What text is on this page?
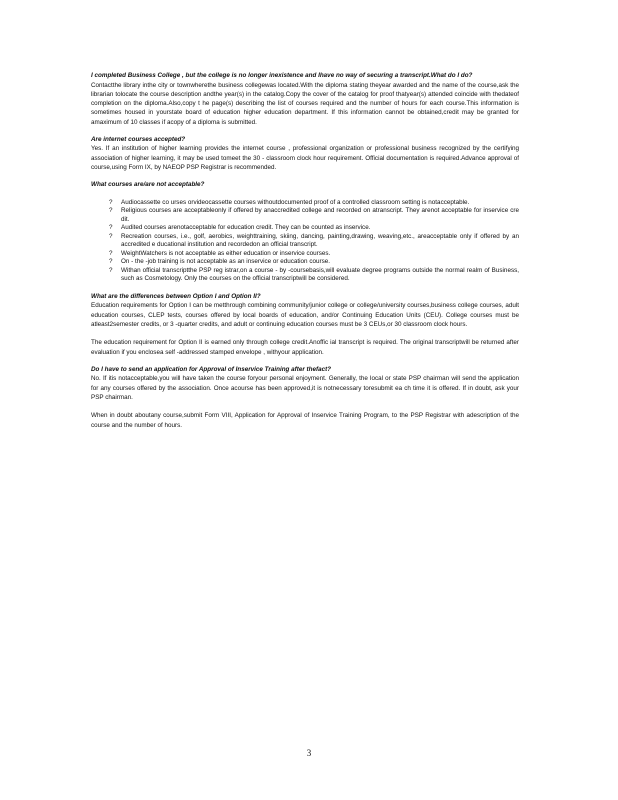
I completed Business College , but the college is no longer inexistence and Ihave no way of securing a transcript.What do I do?

Contactthe library inthe city or townwherethe business collegewas located.With the diploma stating theyear awarded and the name of the course,ask the librarian tolocate the course description andthe year(s) in the catalog.Copy the cover of the catalog for proof thatyear(s) attended coincide with thedateof completion on the diploma.Also,copy t he page(s) describing the list of courses required and the number of hours for each course.This information is sometimes housed in yourstate board of education higher education department. If this information cannot be obtained,credit may be granted for amaximum of 10 classes if acopy of a diploma is submitted.

Are internet courses accepted?

Yes. If an institution of higher learning provides the internet course , professional organization or professional business recognized by the certifying association of higher learning, it may be used tomeet the 30 - classroom clock hour requirement. Official documentation is required.Advance approval of course,using Form IX, by NAEOP PSP Registrar is recommended.

What courses are/are not acceptable?

? Audiocassette co urses orvideocassette courses withoutdocumented proof of a controlled classroom setting is notacceptable.
? Religious courses are acceptableonly if offered by anaccredited college and recorded on atranscript. They arenot acceptable for inservice cre dit.
? Audited courses arenotacceptable for education credit. They can be counted as inservice.
? Recreation courses, i.e., golf, aerobics, weighttraining, skiing, dancing, painting,drawing, weaving,etc., areacceptable only if offered by an accredited e ducational institution and recordedon an official transcript.
? WeightWatchers is not acceptable as either education or inservice courses.
? On - the -job training is not acceptable as an inservice or education course.
? Withan official transcriptthe PSP reg istrar,on a course - by -coursebasis,will evaluate degree programs outside the normal realm of Business, such as Cosmetology. Only the courses on the official transcriptwill be considered.

What are the differences between Option I and Option II?

Education requirements for Option I can be metthrough combining community/junior college or college/university courses,business college courses, adult education courses, CLEP tests, courses offered by local boards of education, and/or Continuing Education Units (CEU). College courses must be atleast2semester credits, or 3 -quarter credits, and adult or continuing education courses must be 3 CEUs,or 30 classroom clock hours.

The education requirement for Option II is earned only through college credit.Anoffic ial transcript is required. The original transcriptwill be returned after evaluation if you enclosea self -addressed stamped envelope , withyour application.

Do I have to send an application for Approval of Inservice Training after thefact?

No. If itis notacceptable,you will have taken the course foryour personal enjoyment. Generally, the local or state PSP chairman will send the application for any courses offered by the association. Once acourse has been approved,it is notnecessary toresubmit ea ch time it is offered. If in doubt, ask your PSP chairman.

When in doubt aboutany course,submit Form VIII, Application for Approval of Inservice Training Program, to the PSP Registrar with adescription of the course and the number of hours.

3
